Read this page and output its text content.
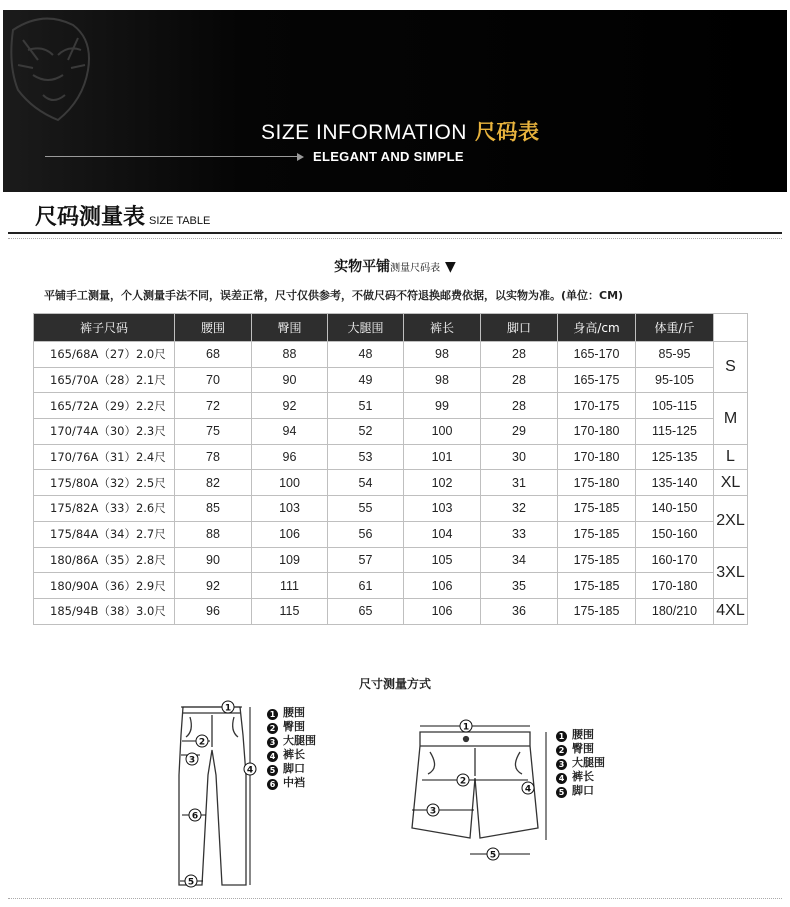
SIZE INFORMATION 尺码表
ELEGANT AND SIMPLE
尺码测量表 SIZE TABLE
实物平铺测量尺码表 ▼
平铺手工测量，个人测量手法不同，误差正常，尺寸仅供参考，不做尺码不符退换邮费依据，以实物为准。(单位：CM)
裤子尺码	腰围	臀围	大腿围	裤长	脚口	身高/cm	体重/斤	
165/68A（27）2.0尺	68	88	48	98	28	165-170	85-95	S
165/70A（28）2.1尺	70	90	49	98	28	165-175	95-105	
165/72A（29）2.2尺	72	92	51	99	28	170-175	105-115	M
170/74A（30）2.3尺	75	94	52	100	29	170-180	115-125	
170/76A（31）2.4尺	78	96	53	101	30	170-180	125-135	L
175/80A（32）2.5尺	82	100	54	102	31	175-180	135-140	XL
175/82A（33）2.6尺	85	103	55	103	32	175-185	140-150	2XL
175/84A（34）2.7尺	88	106	56	104	33	175-185	150-160	
180/86A（35）2.8尺	90	109	57	105	34	175-185	160-170	3XL
180/90A（36）2.9尺	92	111	61	106	35	175-185	170-180	
185/94B（38）3.0尺	96	115	65	106	36	175-185	180/210	4XL
尺寸测量方式
1
2
3
4
6
5
1 腰围
2 臀围
3 大腿围
4 裤长
5 脚口
6 中裆
1
2
3
4
5
1 腰围
2 臀围
3 大腿围
4 裤长
5 脚口
